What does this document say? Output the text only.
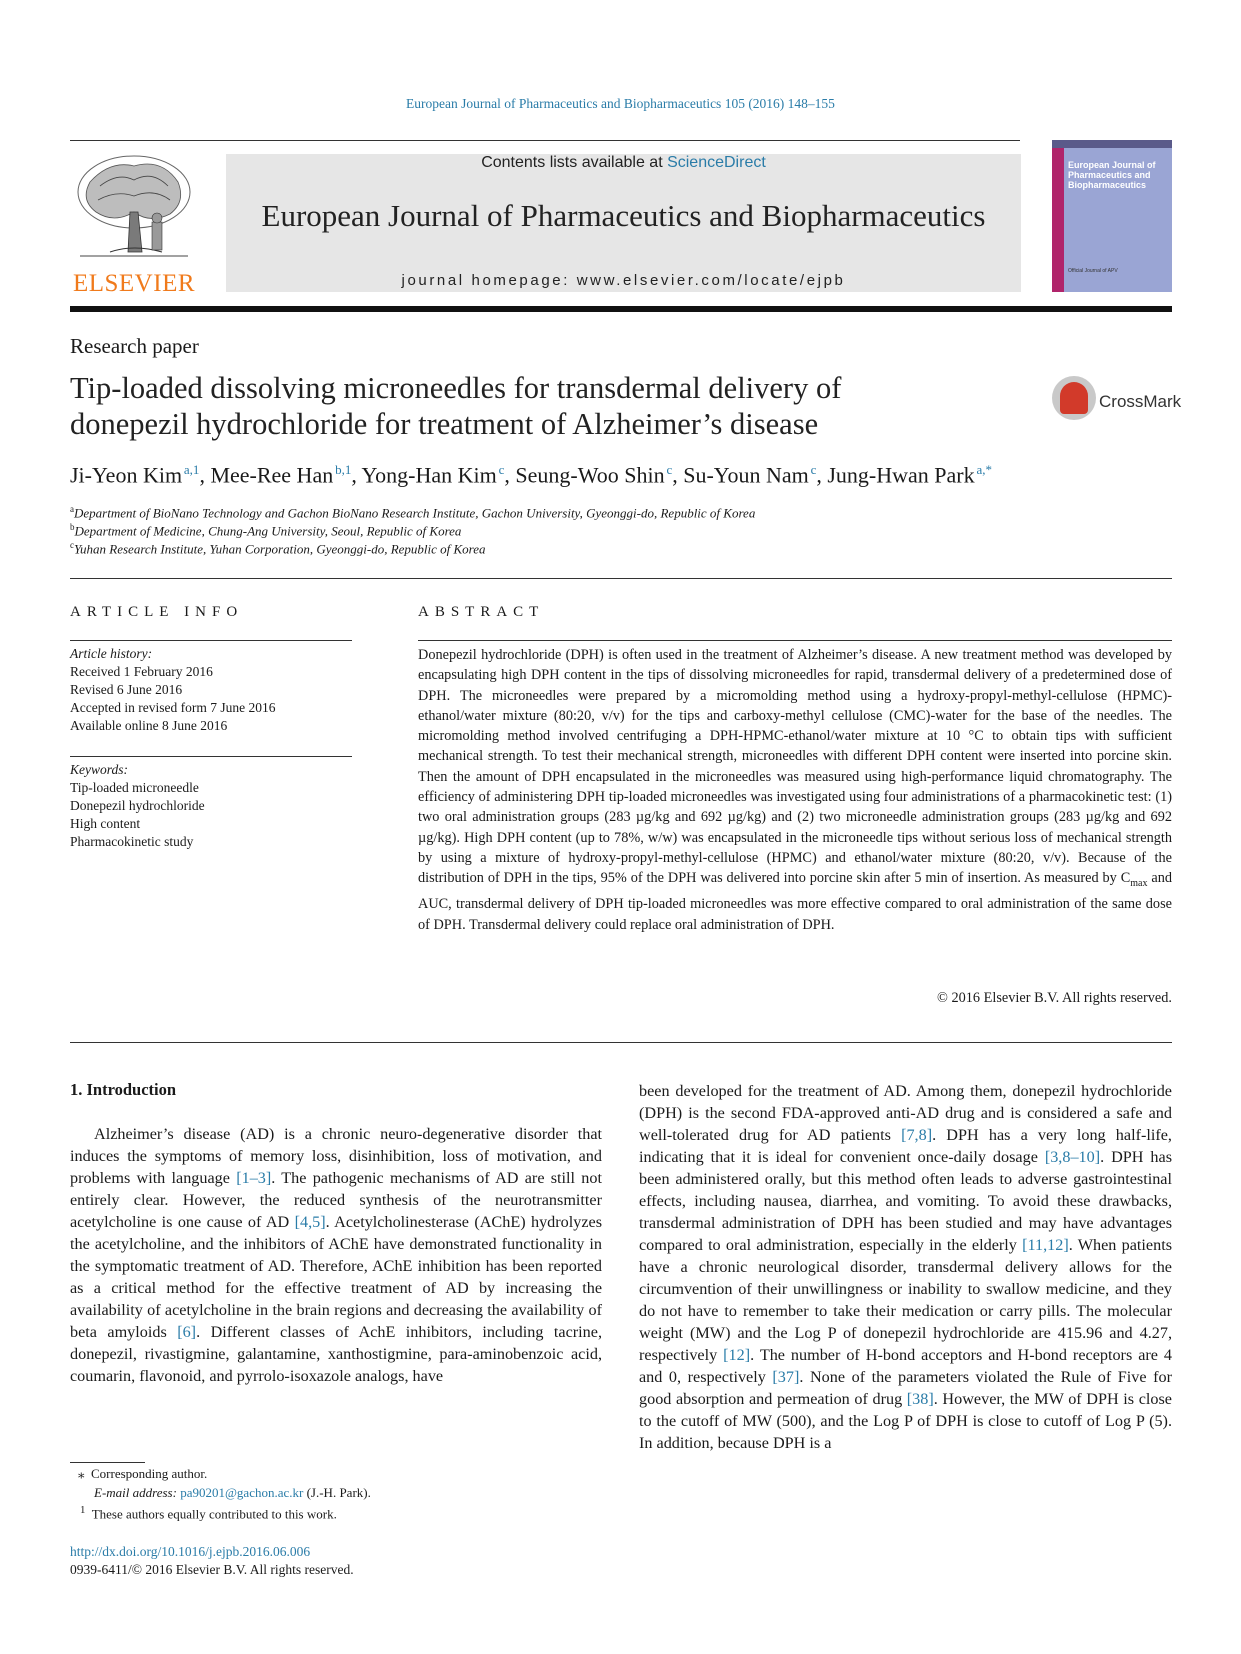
European Journal of Pharmaceutics and Biopharmaceutics 105 (2016) 148–155
ELSEVIER
Contents lists available at ScienceDirect
European Journal of Pharmaceutics and Biopharmaceutics
journal homepage: www.elsevier.com/locate/ejpb
European Journal of Pharmaceutics and Biopharmaceutics
Official Journal of APV
Research paper
Tip-loaded dissolving microneedles for transdermal delivery of
donepezil hydrochloride for treatment of Alzheimer’s disease
CrossMark
Ji-Yeon Kim  $^{a,1}$, Mee-Ree Han  $^{b,1}$, Yong-Han Kim  $^c$, Seung-Woo Shin  $^c$, Su-Youn Nam  $^c$, Jung-Hwan Park  $^{a,*}$
$^a$Department of BioNano Technology and Gachon BioNano Research Institute, Gachon University, Gyeonggi-do, Republic of Korea
$^b$Department of Medicine, Chung-Ang University, Seoul, Republic of Korea
$^c$Yuhan Research Institute, Yuhan Corporation, Gyeonggi-do, Republic of Korea
ARTICLE INFO
Article history:
Received 1 February 2016
Revised 6 June 2016
Accepted in revised form 7 June 2016
Available online 8 June 2016
Keywords:
Tip-loaded microneedle
Donepezil hydrochloride
High content
Pharmacokinetic study
ABSTRACT
Donepezil hydrochloride (DPH) is often used in the treatment of Alzheimer’s disease. A new treatment method was developed by encapsulating high DPH content in the tips of dissolving microneedles for rapid, transdermal delivery of a predetermined dose of DPH. The microneedles were prepared by a micromolding method using a hydroxy-propyl-methyl-cellulose (HPMC)-ethanol/water mixture (80:20, v/v) for the tips and carboxy-methyl cellulose (CMC)-water for the base of the needles. The micromolding method involved centrifuging a DPH-HPMC-ethanol/water mixture at 10 °C to obtain tips with sufficient mechanical strength. To test their mechanical strength, microneedles with different DPH content were inserted into porcine skin. Then the amount of DPH encapsulated in the microneedles was measured using high-performance liquid chromatography. The efficiency of administering DPH tip-loaded microneedles was investigated using four administrations of a pharmacokinetic test: (1) two oral administration groups (283 µg/kg and 692 µg/kg) and (2) two microneedle administration groups (283 µg/kg and 692 µg/kg). High DPH content (up to 78%, w/w) was encapsulated in the microneedle tips without serious loss of mechanical strength by using a mixture of hydroxy-propyl-methyl-cellulose (HPMC) and ethanol/water mixture (80:20, v/v). Because of the distribution of DPH in the tips, 95% of the DPH was delivered into porcine skin after 5 min of insertion. As measured by $C_{max}$ and AUC, transdermal delivery of DPH tip-loaded microneedles was more effective compared to oral administration of the same dose of DPH. Transdermal delivery could replace oral administration of DPH.
© 2016 Elsevier B.V. All rights reserved.
1. Introduction

Alzheimer’s disease (AD) is a chronic neuro-degenerative disorder that induces the symptoms of memory loss, disinhibition, loss of motivation, and problems with language [1–3]. The pathogenic mechanisms of AD are still not entirely clear. However, the reduced synthesis of the neurotransmitter acetylcholine is one cause of AD [4,5]. Acetylcholinesterase (AChE) hydrolyzes the acetylcholine, and the inhibitors of AChE have demonstrated functionality in the symptomatic treatment of AD. Therefore, AChE inhibition has been reported as a critical method for the effective treatment of AD by increasing the availability of acetylcholine in the brain regions and decreasing the availability of beta amyloids [6]. Different classes of AchE inhibitors, including tacrine, donepezil, rivastigmine, galantamine, xanthostigmine, para-aminobenzoic acid, coumarin, flavonoid, and pyrrolo-isoxazole analogs, have

been developed for the treatment of AD. Among them, donepezil hydrochloride (DPH) is the second FDA-approved anti-AD drug and is considered a safe and well-tolerated drug for AD patients [7,8]. DPH has a very long half-life, indicating that it is ideal for convenient once-daily dosage [3,8–10]. DPH has been administered orally, but this method often leads to adverse gastrointestinal effects, including nausea, diarrhea, and vomiting. To avoid these drawbacks, transdermal administration of DPH has been studied and may have advantages compared to oral administration, especially in the elderly [11,12]. When patients have a chronic neurological disorder, transdermal delivery allows for the circumvention of their unwillingness or inability to swallow medicine, and they do not have to remember to take their medication or carry pills. The molecular weight (MW) and the Log P of donepezil hydrochloride are 415.96 and 4.27, respectively [12]. The number of H-bond acceptors and H-bond receptors are 4 and 0, respectively [37]. None of the parameters violated the Rule of Five for good absorption and permeation of drug [38]. However, the MW of DPH is close to the cutoff of MW (500), and the Log P of DPH is close to cutoff of Log P (5). In addition, because DPH is a

⁎ Corresponding author.
E-mail address: pa90201@gachon.ac.kr (J.-H. Park).
$^1$ These authors equally contributed to this work.
http://dx.doi.org/10.1016/j.ejpb.2016.06.006
0939-6411/© 2016 Elsevier B.V. All rights reserved.
